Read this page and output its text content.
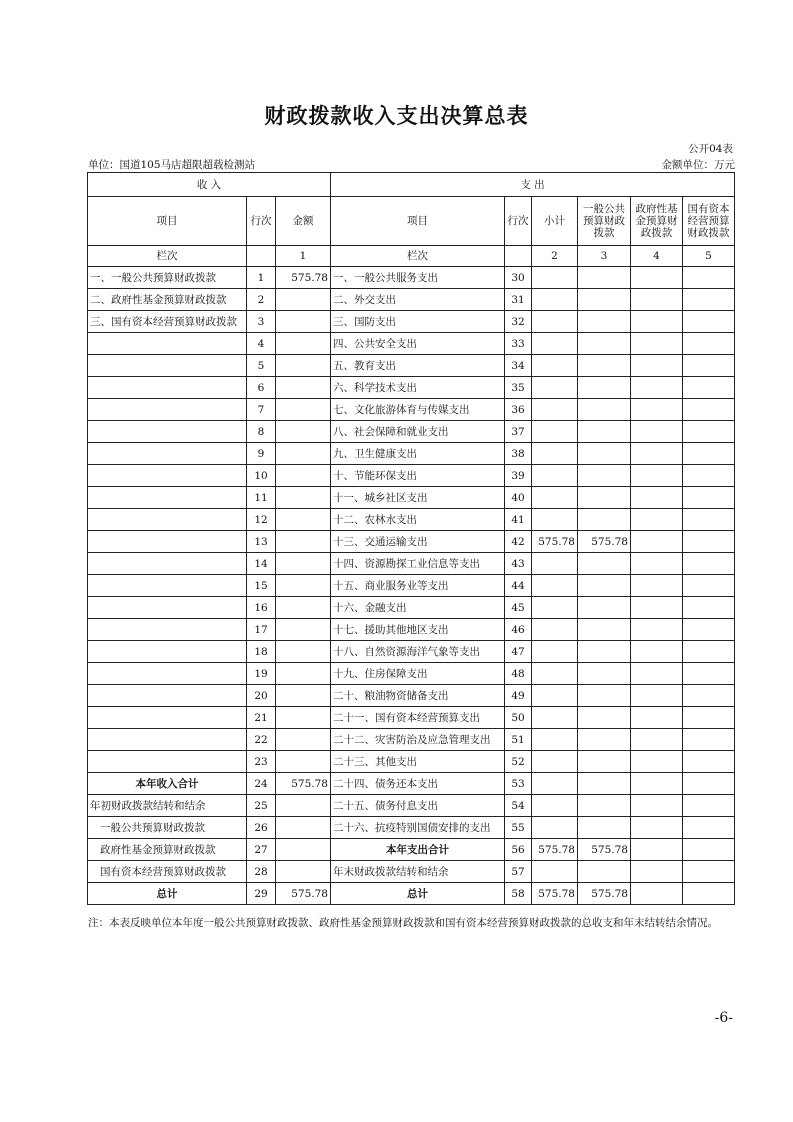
财政拨款收入支出决算总表
公开04表
单位：国道105马店超限超载检测站	金额单位：万元
收 入			支 出					
项目	行次	金额	项目	行次	小计	一般公共预算财政拨款	政府性基金预算财政拨款	国有资本经营预算财政拨款
栏次		1	栏次		2	3	4	5
一、一般公共预算财政拨款	1	575.78	一、一般公共服务支出	30				
二、政府性基金预算财政拨款	2		二、外交支出	31				
三、国有资本经营预算财政拨款	3		三、国防支出	32				
	4		四、公共安全支出	33				
	5		五、教育支出	34				
	6		六、科学技术支出	35				
	7		七、文化旅游体育与传媒支出	36				
	8		八、社会保障和就业支出	37				
	9		九、卫生健康支出	38				
	10		十、节能环保支出	39				
	11		十一、城乡社区支出	40				
	12		十二、农林水支出	41				
	13		十三、交通运输支出	42	575.78	575.78		
	14		十四、资源勘探工业信息等支出	43				
	15		十五、商业服务业等支出	44				
	16		十六、金融支出	45				
	17		十七、援助其他地区支出	46				
	18		十八、自然资源海洋气象等支出	47				
	19		十九、住房保障支出	48				
	20		二十、粮油物资储备支出	49				
	21		二十一、国有资本经营预算支出	50				
	22		二十二、灾害防治及应急管理支出	51				
	23		二十三、其他支出	52				
本年收入合计	24	575.78	二十四、债务还本支出	53				
年初财政拨款结转和结余	25		二十五、债务付息支出	54				
一般公共预算财政拨款	26		二十六、抗疫特别国债安排的支出	55				
政府性基金预算财政拨款	27		本年支出合计	56	575.78	575.78		
国有资本经营预算财政拨款	28		年末财政拨款结转和结余	57				
总计	29	575.78	总计	58	575.78	575.78		
注：本表反映单位本年度一般公共预算财政拨款、政府性基金预算财政拨款和国有资本经营预算财政拨款的总收支和年末结转结余情况。
-6-
